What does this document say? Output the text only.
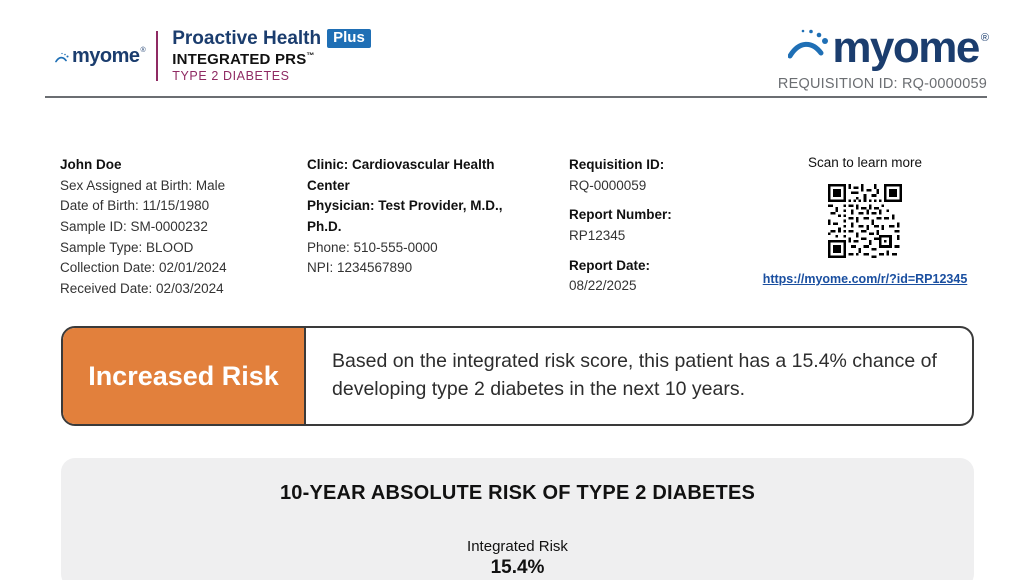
myome ®
Proactive Health Plus
INTEGRATED PRS™
TYPE 2 DIABETES
myome ®
REQUISITION ID: RQ-0000059
John Doe
Sex Assigned at Birth: Male
Date of Birth: 11/15/1980
Sample ID: SM-0000232
Sample Type: BLOOD
Collection Date: 02/01/2024
Received Date: 02/03/2024
Clinic: Cardiovascular Health Center
Physician: Test Provider, M.D., Ph.D.
Phone: 510-555-0000
NPI: 1234567890
Requisition ID:
RQ-0000059
Report Number:
RP12345
Report Date:
08/22/2025
Scan to learn more
https://myome.com/r/?id=RP12345
Increased Risk	Based on the integrated risk score, this patient has a 15.4% chance of developing type 2 diabetes in the next 10 years.
10-YEAR ABSOLUTE RISK OF TYPE 2 DIABETES
Integrated Risk
15.4%
